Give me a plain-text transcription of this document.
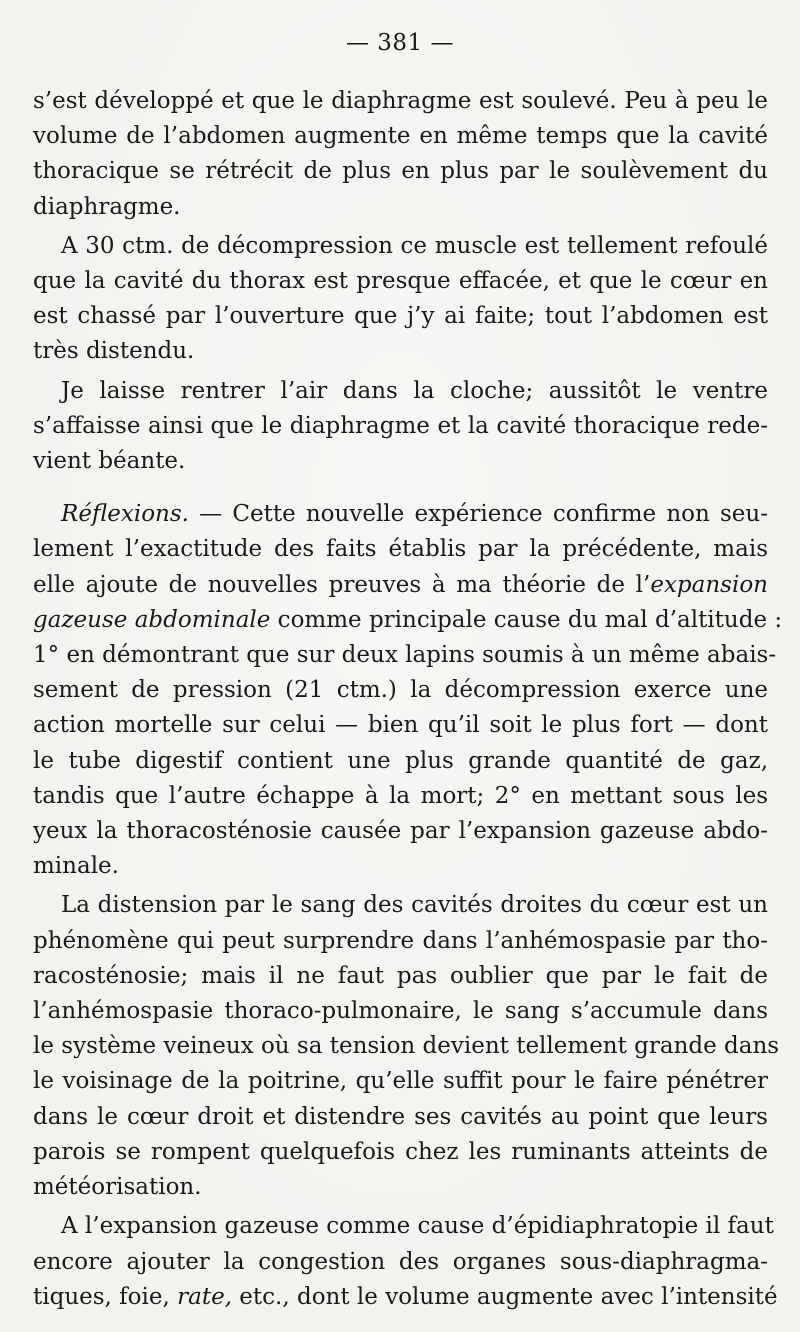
— 381 —
s’est développé et que le diaphragme est soulevé. Peu à peu le
volume de l’abdomen augmente en même temps que la cavité
thoracique se rétrécit de plus en plus par le soulèvement du
diaphragme.
A 30 ctm. de décompression ce muscle est tellement refoulé
que la cavité du thorax est presque effacée, et que le cœur en
est chassé par l’ouverture que j’y ai faite; tout l’abdomen est
très distendu.
Je laisse rentrer l’air dans la cloche; aussitôt le ventre
s’affaisse ainsi que le diaphragme et la cavité thoracique rede-
vient béante.
Réflexions. — Cette nouvelle expérience confirme non seu-
lement l’exactitude des faits établis par la précédente, mais
elle ajoute de nouvelles preuves à ma théorie de l’expansion
gazeuse abdominale comme principale cause du mal d’altitude :
1° en démontrant que sur deux lapins soumis à un même abais-
sement de pression (21 ctm.) la décompression exerce une
action mortelle sur celui — bien qu’il soit le plus fort — dont
le tube digestif contient une plus grande quantité de gaz,
tandis que l’autre échappe à la mort; 2° en mettant sous les
yeux la thoracosténosie causée par l’expansion gazeuse abdo-
minale.
La distension par le sang des cavités droites du cœur est un
phénomène qui peut surprendre dans l’anhémospasie par tho-
racosténosie; mais il ne faut pas oublier que par le fait de
l’anhémospasie thoraco-pulmonaire, le sang s’accumule dans
le système veineux où sa tension devient tellement grande dans
le voisinage de la poitrine, qu’elle suffit pour le faire pénétrer
dans le cœur droit et distendre ses cavités au point que leurs
parois se rompent quelquefois chez les ruminants atteints de
météorisation.
A l’expansion gazeuse comme cause d’épidiaphratopie il faut
encore ajouter la congestion des organes sous-diaphragma-
tiques, foie, rate, etc., dont le volume augmente avec l’intensité
